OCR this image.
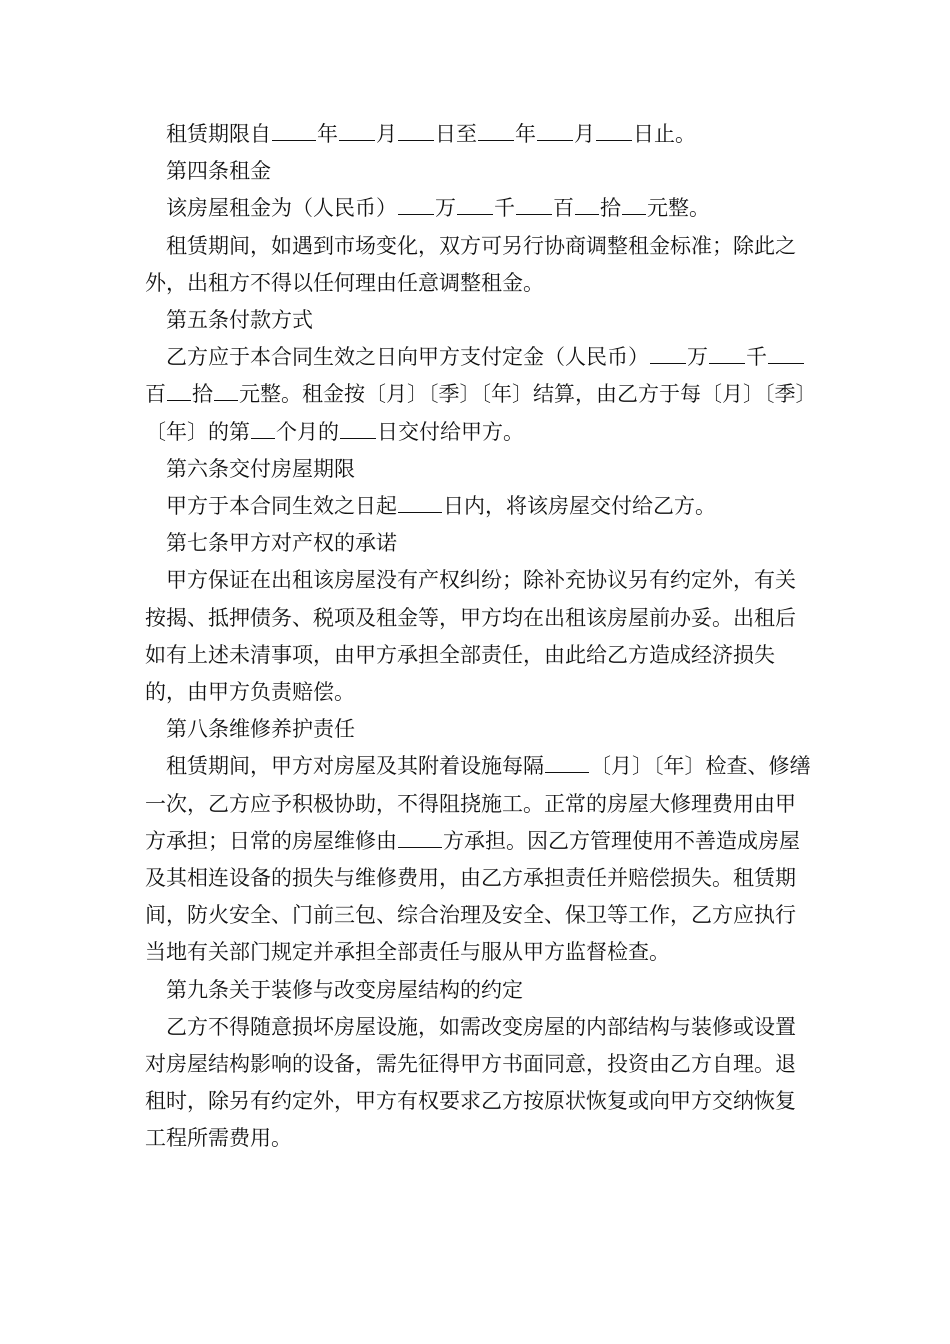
租赁期限自 年 月 日至 年 月 日止。

第四条租金

该房屋租金为（人民币） 万 千 百 拾 元整。

租赁期间，如遇到市场变化，双方可另行协商调整租金标准；除此之外，出租方不得以任何理由任意调整租金。

第五条付款方式

乙方应于本合同生效之日向甲方支付定金（人民币） 万 千百 拾 元整。租金按〔月〕〔季〕〔年〕结算，由乙方于每〔月〕〔季〕〔年〕的第 个月的 日交付给甲方。

第六条交付房屋期限

甲方于本合同生效之日起 日内，将该房屋交付给乙方。

第七条甲方对产权的承诺

甲方保证在出租该房屋没有产权纠纷；除补充协议另有约定外，有关按揭、抵押债务、税项及租金等，甲方均在出租该房屋前办妥。出租后如有上述未清事项，由甲方承担全部责任，由此给乙方造成经济损失的，由甲方负责赔偿。

第八条维修养护责任

租赁期间，甲方对房屋及其附着设施每隔 〔月〕〔年〕检查、修缮一次，乙方应予积极协助，不得阻挠施工。正常的房屋大修理费用由甲方承担；日常的房屋维修由 方承担。因乙方管理使用不善造成房屋及其相连设备的损失与维修费用，由乙方承担责任并赔偿损失。租赁期间，防火安全、门前三包、综合治理及安全、保卫等工作，乙方应执行当地有关部门规定并承担全部责任与服从甲方监督检查。

第九条关于装修与改变房屋结构的约定

乙方不得随意损坏房屋设施，如需改变房屋的内部结构与装修或设置对房屋结构影响的设备，需先征得甲方书面同意，投资由乙方自理。退租时，除另有约定外，甲方有权要求乙方按原状恢复或向甲方交纳恢复工程所需费用。
